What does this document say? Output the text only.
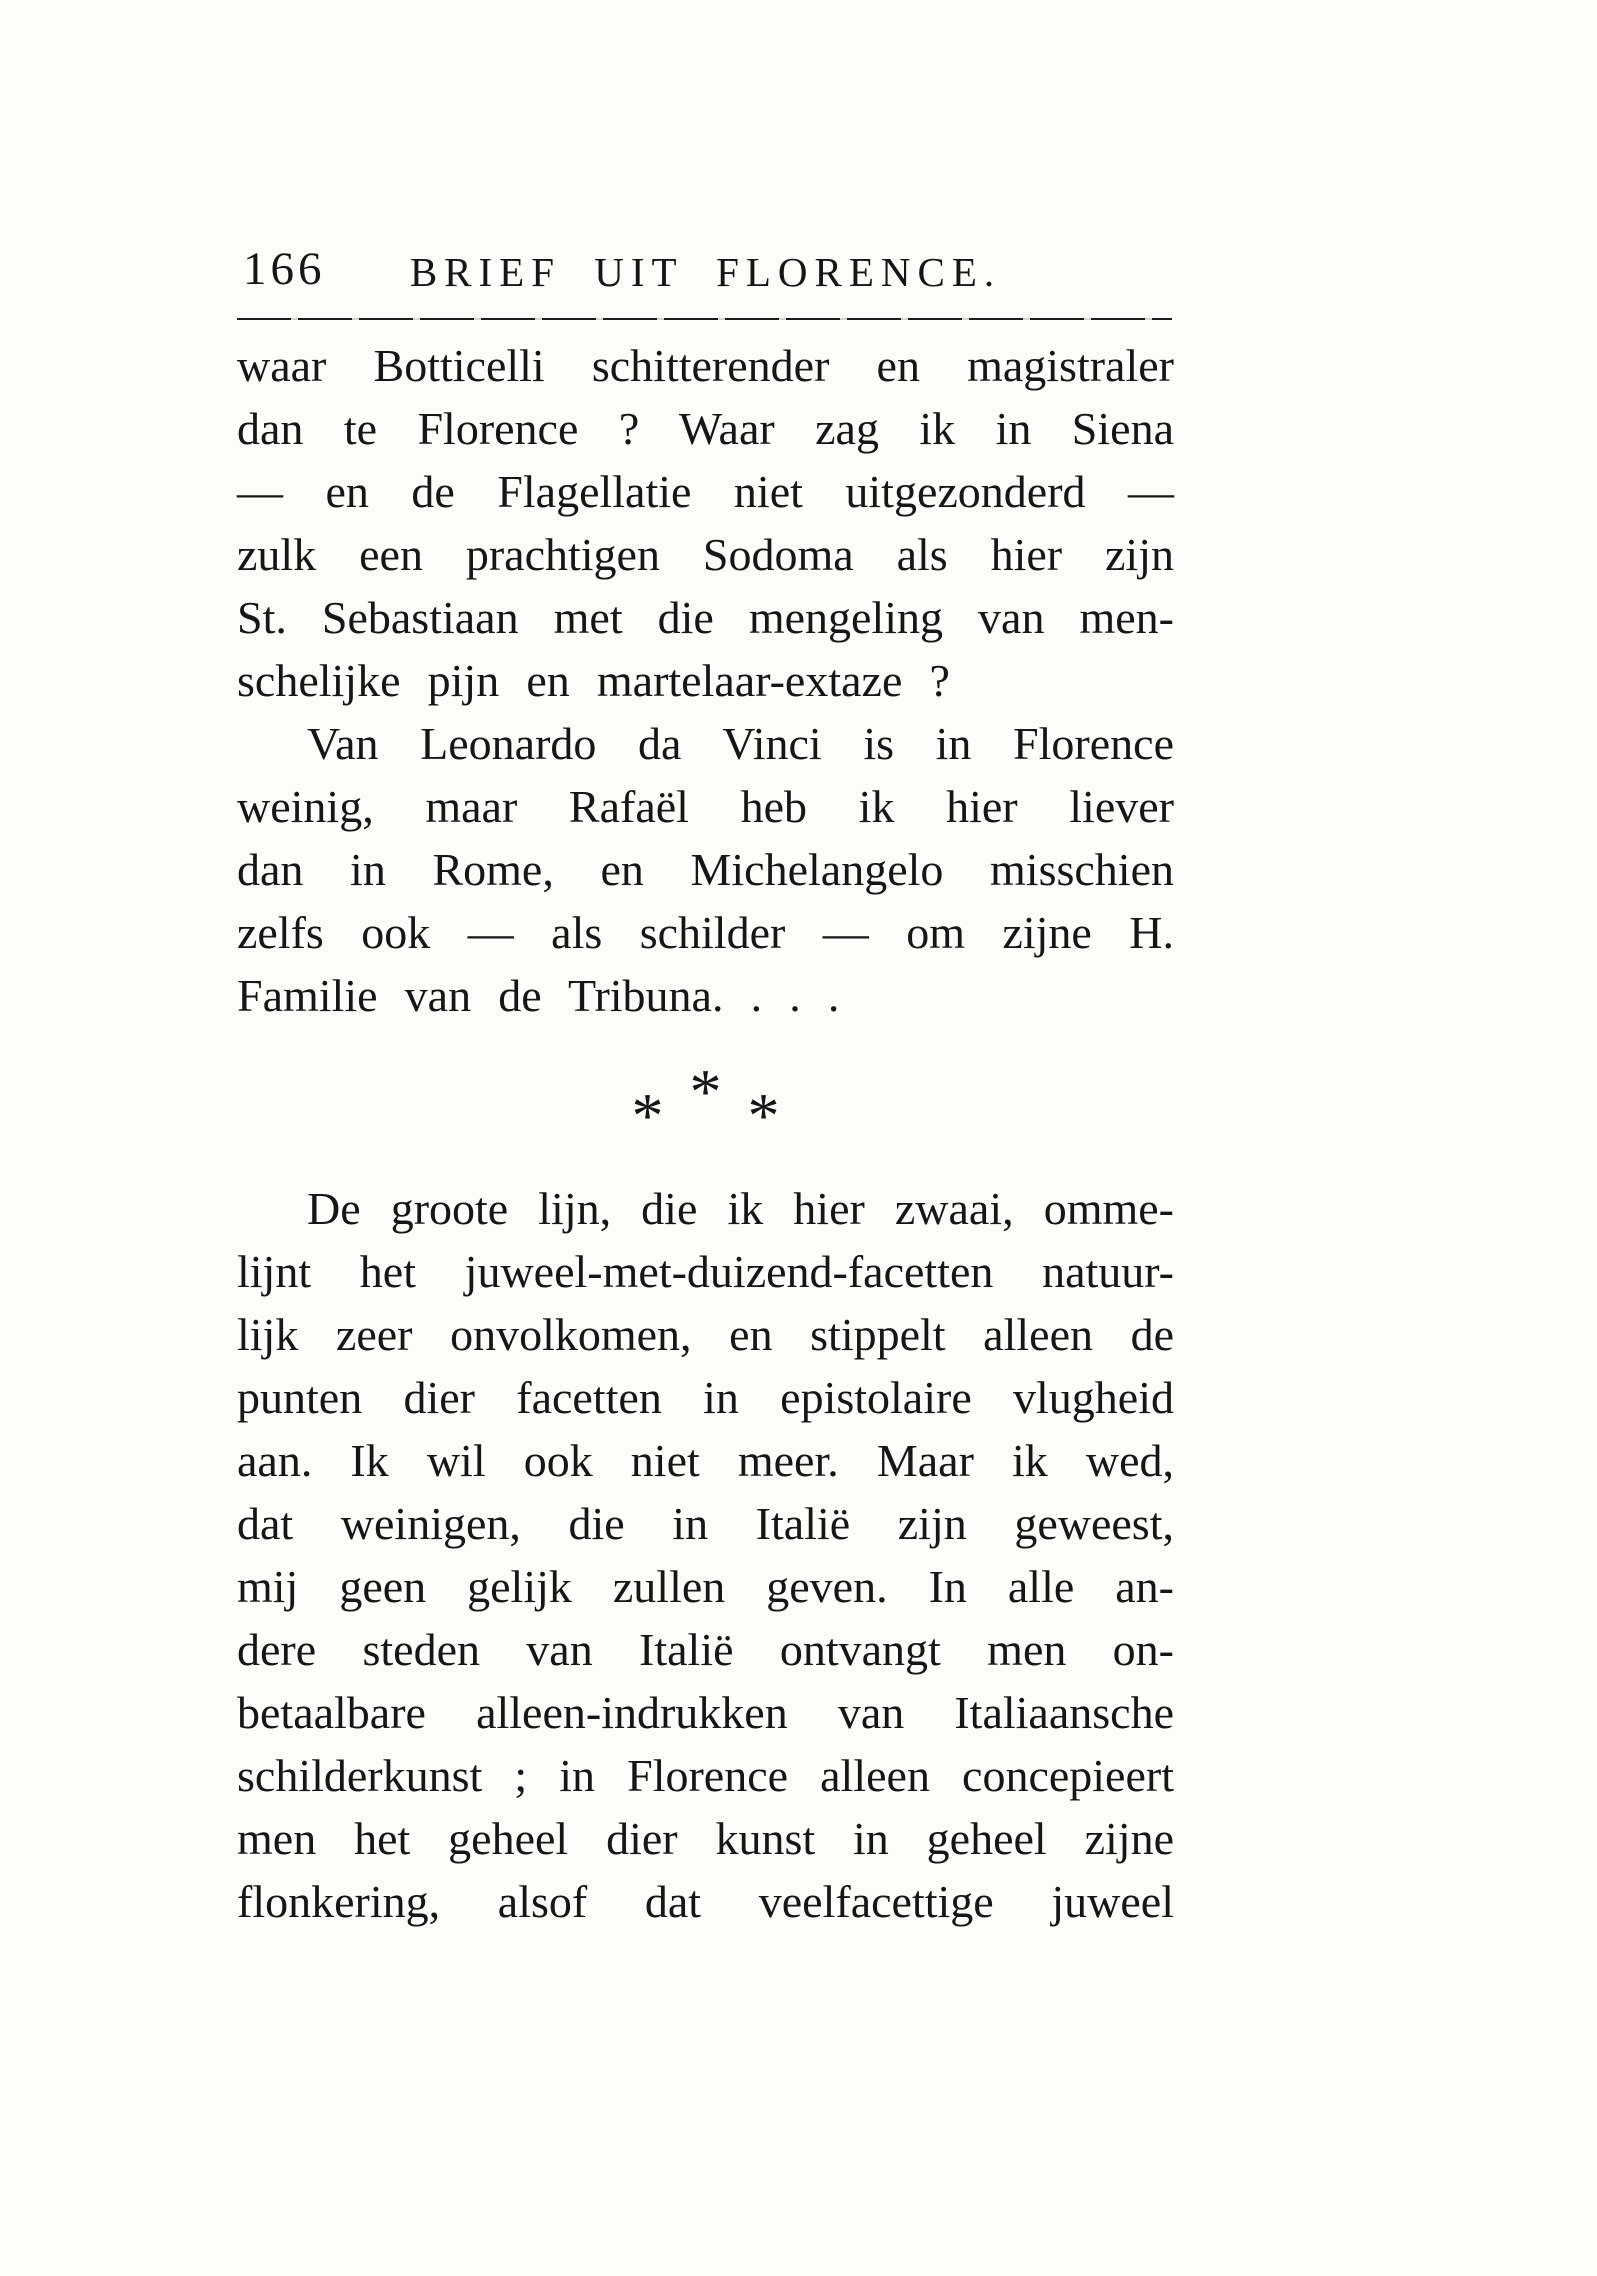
166	BRIEF UIT FLORENCE.
waar Botticelli schitterender en magistraler
dan te Florence ? Waar zag ik in Siena
— en de Flagellatie niet uitgezonderd —
zulk een prachtigen Sodoma als hier zijn
St. Sebastiaan met die mengeling van men-
schelijke pijn en martelaar-extaze ?
Van Leonardo da Vinci is in Florence
weinig, maar Rafaël heb ik hier liever
dan in Rome, en Michelangelo misschien
zelfs ook — als schilder — om zijne H.
Familie van de Tribuna. . . .
* * *
De groote lijn, die ik hier zwaai, omme-
lijnt het juweel-met-duizend-facetten natuur-
lijk zeer onvolkomen, en stippelt alleen de
punten dier facetten in epistolaire vlugheid
aan. Ik wil ook niet meer. Maar ik wed,
dat weinigen, die in Italië zijn geweest,
mij geen gelijk zullen geven. In alle an-
dere steden van Italië ontvangt men on-
betaalbare alleen-indrukken van Italiaansche
schilderkunst ; in Florence alleen concepieert
men het geheel dier kunst in geheel zijne
flonkering, alsof dat veelfacettige juweel
